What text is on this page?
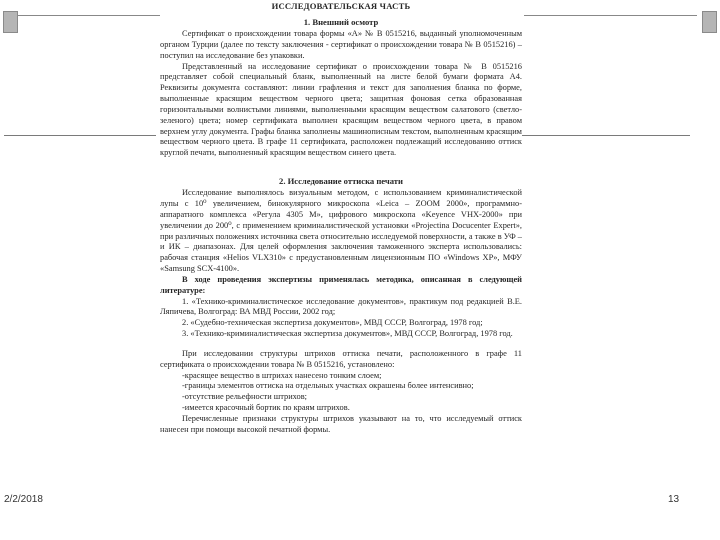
ИССЛЕДОВАТЕЛЬСКАЯ ЧАСТЬ
1. Внешний осмотр

Сертификат о происхождении товара формы «А» № В 0515216, выданный уполномоченным органом Турции (далее по тексту заключения - сертификат о происхождении товара № В 0515216) – поступил на исследование без упаковки.

Представленный на исследование сертификат о происхождении товара № В 0515216 представляет собой специальный бланк, выполненный на листе белой бумаги формата А4. Реквизиты документа составляют: линии графления и текст для заполнения бланка по форме, выполненные красящим веществом черного цвета; защитная фоновая сетка образованная горизонтальными волнистыми линиями, выполненными красящим веществом салатового (светло-зеленого) цвета; номер сертификата выполнен красящим веществом черного цвета, в правом верхнем углу документа. Графы бланка заполнены машинописным текстом, выполненным красящим веществом черного цвета. В графе 11 сертификата, расположен подлежащий исследованию оттиск круглой печати, выполненный красящим веществом синего цвета.

2. Исследование оттиска печати

Исследование выполнялось визуальным методом, с использованием криминалистической лупы с 10⁰ увеличением, бинокулярного микроскопа «Leica – ZOOM 2000», программно-аппаратного комплекса «Регула 4305 М», цифрового микроскопа «Keyence VHX-2000» при увеличении до 200⁰, с применением криминалистической установки «Projectina Docucenter Expert», при различных положениях источника света относительно исследуемой поверхности, а также в УФ – и ИК – диапазонах. Для целей оформления заключения таможенного эксперта использовались: рабочая станция «Helios VLX310» с предустановленным лицензионным ПО «Windows XP», МФУ «Samsung SCX-4100».

В ходе проведения экспертизы применялась методика, описанная в следующей литературе:

1. «Технико-криминалистическое исследование документов», практикум под редакцией В.Е. Ляпичева, Волгоград: ВА МВД России, 2002 год;

2. «Судебно-техническая экспертиза документов», МВД СССР, Волгоград, 1978 год;

3. «Технико-криминалистическая экспертиза документов», МВД СССР, Волгоград, 1978 год.

При исследовании структуры штрихов оттиска печати, расположенного в графе 11 сертификата о происхождении товара № В 0515216, установлено:

-красящее вещество в штрихах нанесено тонким слоем;

-границы элементов оттиска на отдельных участках окрашены более интенсивно;

-отсутствие рельефности штрихов;

-имеется красочный бортик по краям штрихов.

Перечисленные признаки структуры штрихов указывают на то, что исследуемый оттиск нанесен при помощи высокой печатной формы.

2/2/2018	13
